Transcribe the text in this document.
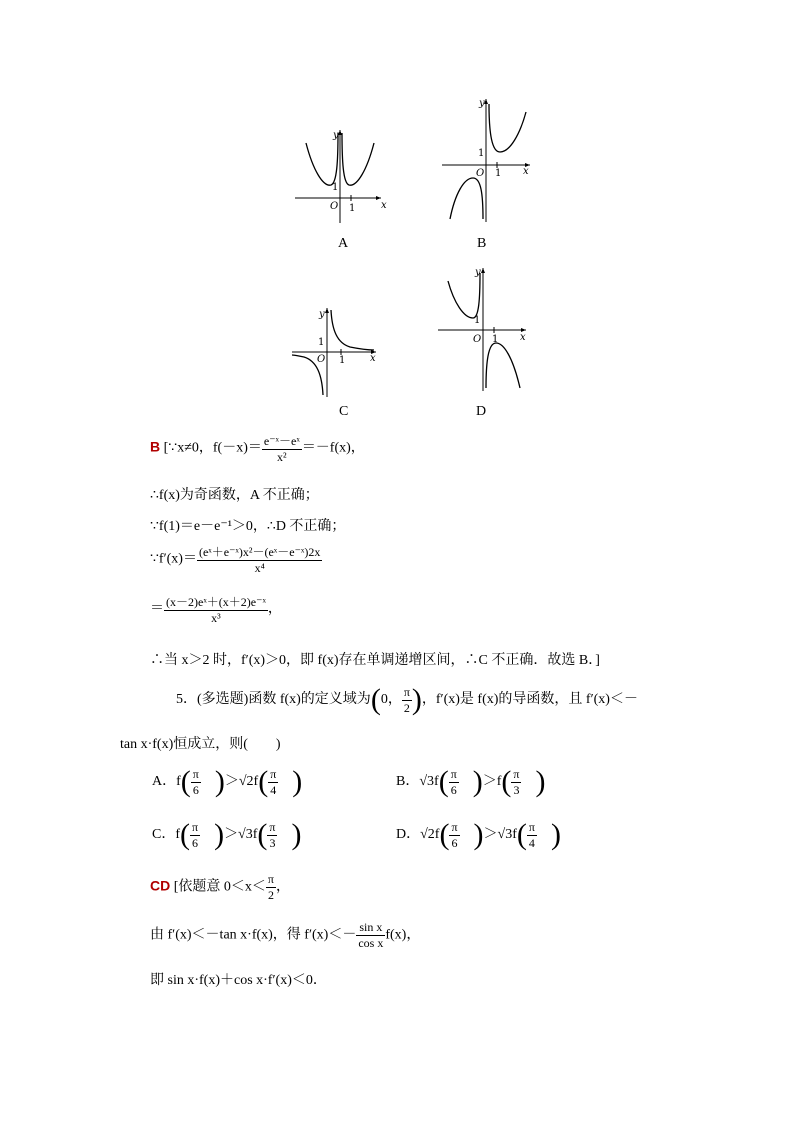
y
x
O 1
1
A
y
x
O 1
1
B
y
x
O 1
1
C
y
x
O 1
1
D
B [∵x≠0，$f(-x)= \frac{\text{e⁻ˣ－eˣ}}{\text{x²}} =-f(x)$，
∴f(x)为奇函数，A 不正确；
∵f(1)＝e－e⁻¹＞0，∴D 不正确；
∵f′(x)＝ $\frac{\text{(eˣ＋e⁻ˣ)x²－(eˣ－e⁻ˣ)2x}}{\text{x⁴}}$
＝ $\frac{\text{(x－2)eˣ＋(x＋2)e⁻ˣ}}{\text{x³}}$ ，
∴当 x＞2 时，f′(x)＞0，即 f(x)存在单调递增区间，∴C 不正确．故选 B．]
5．(多选题)函数 f(x)的定义域为(0， $\frac{\pi}{2}$ )，f′(x)是 f(x)的导函数，且 f′(x)＜－
tan x·f(x)恒成立，则(　　)
A．$f( \frac{\pi}{6} )>√2f( \frac{\pi}{4}$ )	B．$√3f( \frac{\pi}{6} )>f( \frac{\pi}{3}$ )
C．$f( \frac{\pi}{6} )>√3f( \frac{\pi}{3}$ )	D．$√2f( \frac{\pi}{6} )>√3f( \frac{\pi}{4}$ )
CD [依题意 $0<x< \frac{\pi}{2}$ ，
由 f′(x)＜－tan x·f(x)，得 $f'(x)<- \frac{\text{sin x}}{\text{cos x}} f(x)$，
即 sin x·f(x)＋cos x·f′(x)＜0．
